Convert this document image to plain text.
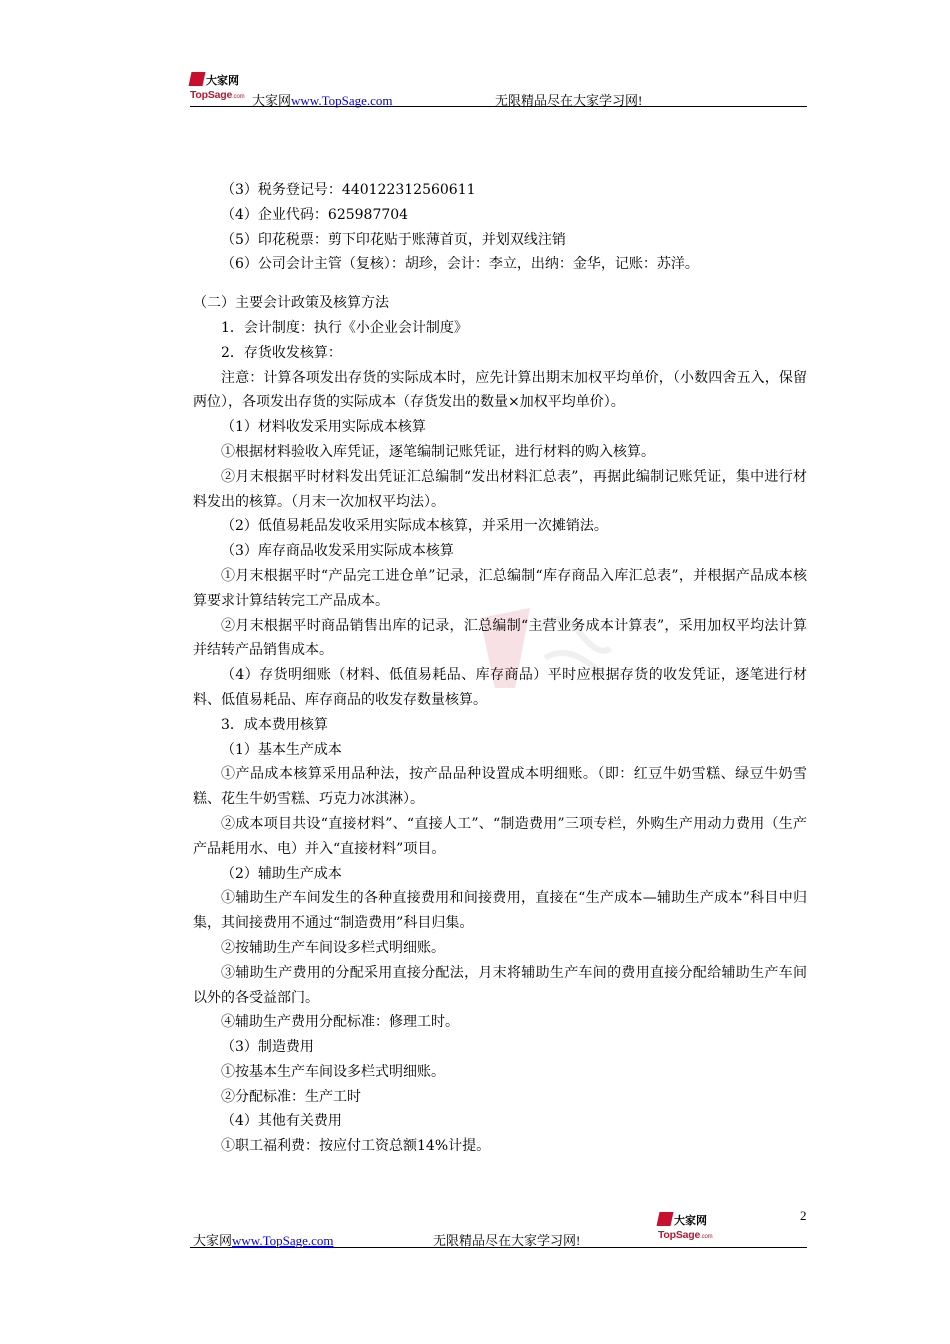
大家网
TopSage.com 大家网www.TopSage.com	无限精品尽在大家学习网!

（3）税务登记号：440122312560611

（4）企业代码：625987704

（5）印花税票：剪下印花贴于账薄首页，并划双线注销

（6）公司会计主管（复核）：胡珍，会计：李立，出纳：金华，记账：苏洋。

（二）主要会计政策及核算方法

1．会计制度：执行《小企业会计制度》

2．存货收发核算：

注意：计算各项发出存货的实际成本时，应先计算出期末加权平均单价，（小数四舍五入，保留两位），各项发出存货的实际成本（存货发出的数量×加权平均单价）。

（1）材料收发采用实际成本核算

①根据材料验收入库凭证，逐笔编制记账凭证，进行材料的购入核算。

②月末根据平时材料发出凭证汇总编制“发出材料汇总表”，再据此编制记账凭证，集中进行材料发出的核算。（月末一次加权平均法）。

（2）低值易耗品发收采用实际成本核算，并采用一次摊销法。

（3）库存商品收发采用实际成本核算

①月末根据平时“产品完工进仓单”记录，汇总编制“库存商品入库汇总表”，并根据产品成本核算要求计算结转完工产品成本。

②月末根据平时商品销售出库的记录，汇总编制“主营业务成本计算表”，采用加权平均法计算并结转产品销售成本。

（4）存货明细账（材料、低值易耗品、库存商品）平时应根据存货的收发凭证，逐笔进行材料、低值易耗品、库存商品的收发存数量核算。

3．成本费用核算

（1）基本生产成本

①产品成本核算采用品种法，按产品品种设置成本明细账。（即：红豆牛奶雪糕、绿豆牛奶雪糕、花生牛奶雪糕、巧克力冰淇淋）。

②成本项目共设“直接材料”、“直接人工”、“制造费用”三项专栏，外购生产用动力费用（生产产品耗用水、电）并入“直接材料”项目。

（2）辅助生产成本

①辅助生产车间发生的各种直接费用和间接费用，直接在“生产成本—辅助生产成本”科目中归集，其间接费用不通过“制造费用”科目归集。

②按辅助生产车间设多栏式明细账。

③辅助生产费用的分配采用直接分配法，月末将辅助生产车间的费用直接分配给辅助生产车间以外的各受益部门。

④辅助生产费用分配标准：修理工时。

（3）制造费用

①按基本生产车间设多栏式明细账。

②分配标准：生产工时

（4）其他有关费用

①职工福利费：按应付工资总额14%计提。

大家网
TopSage.com
2
大家网www.TopSage.com	无限精品尽在大家学习网!
